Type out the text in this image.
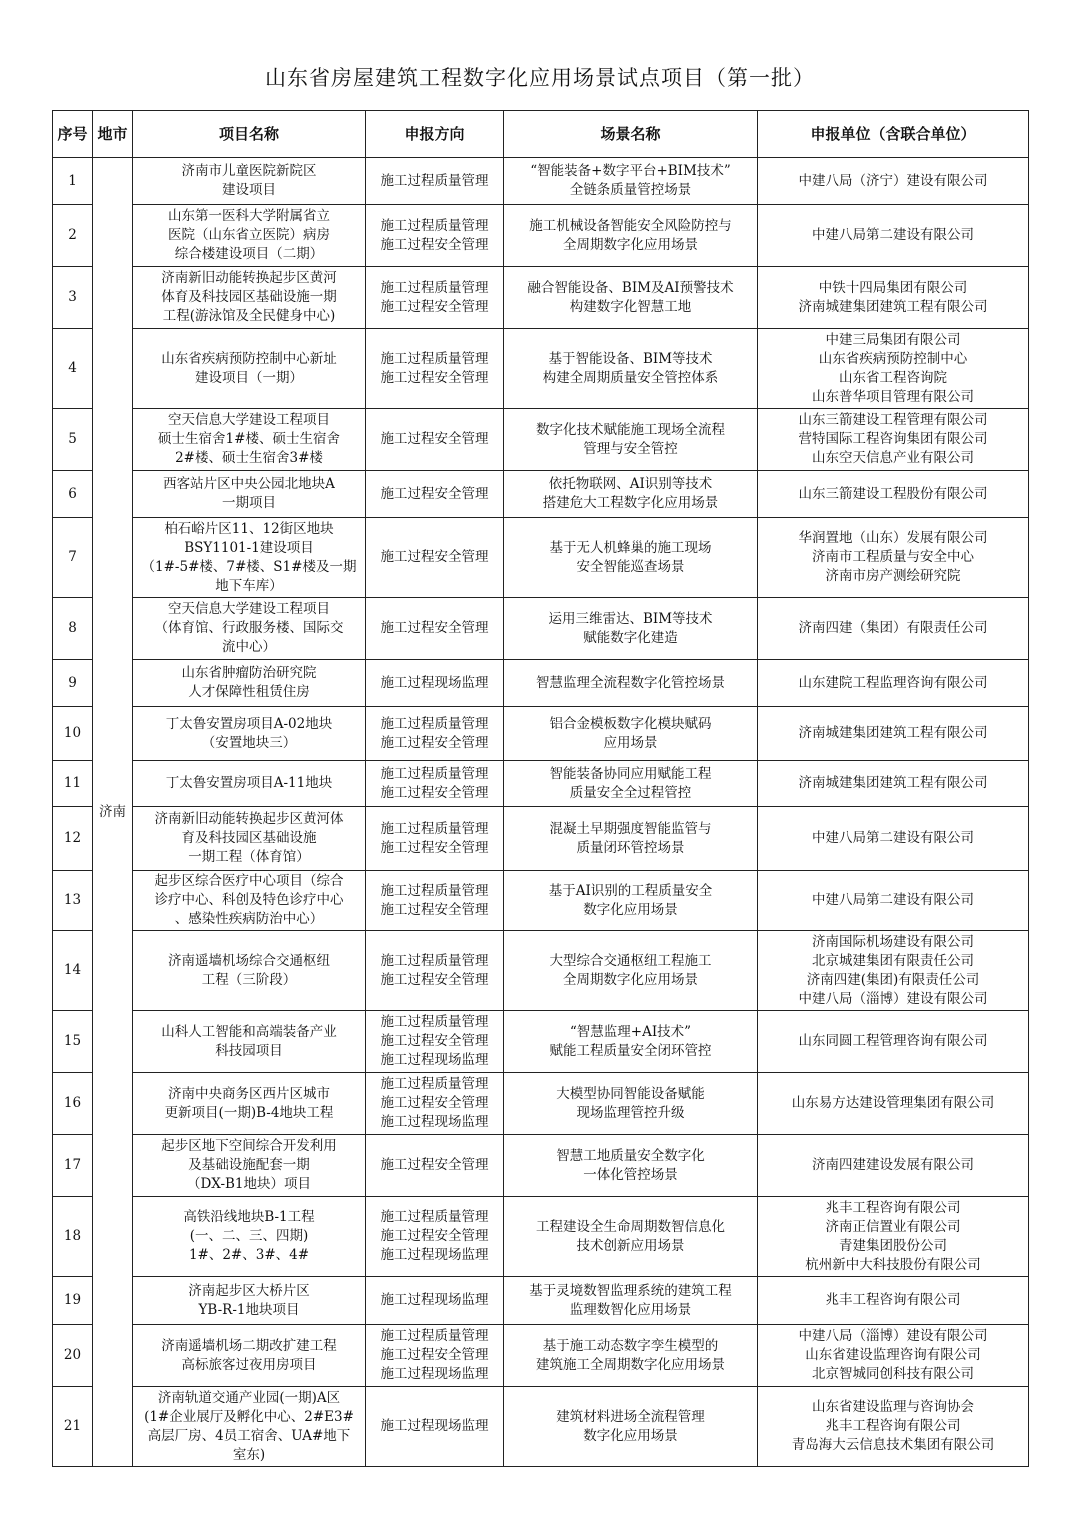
山东省房屋建筑工程数字化应用场景试点项目（第一批）
序号	地市	项目名称	申报方向	场景名称	申报单位（含联合单位）
1	济南	济南市儿童医院新院区
建设项目	施工过程质量管理	“智能装备+数字平台+BIM技术”
全链条质量管控场景	中建八局（济宁）建设有限公司
2		山东第一医科大学附属省立
医院（山东省立医院）病房
综合楼建设项目（二期）	施工过程质量管理
施工过程安全管理	施工机械设备智能安全风险防控与
全周期数字化应用场景	中建八局第二建设有限公司
3		济南新旧动能转换起步区黄河
体育及科技园区基础设施一期
工程(游泳馆及全民健身中心)	施工过程质量管理
施工过程安全管理	融合智能设备、BIM及AI预警技术
构建数字化智慧工地	中铁十四局集团有限公司
济南城建集团建筑工程有限公司
4		山东省疾病预防控制中心新址
建设项目（一期）	施工过程质量管理
施工过程安全管理	基于智能设备、BIM等技术
构建全周期质量安全管控体系	中建三局集团有限公司
山东省疾病预防控制中心
山东省工程咨询院
山东普华项目管理有限公司
5		空天信息大学建设工程项目
硕士生宿舍1#楼、硕士生宿舍
2#楼、硕士生宿舍3#楼	施工过程安全管理	数字化技术赋能施工现场全流程
管理与安全管控	山东三箭建设工程管理有限公司
营特国际工程咨询集团有限公司
山东空天信息产业有限公司
6		西客站片区中央公园北地块A
一期项目	施工过程安全管理	依托物联网、AI识别等技术
搭建危大工程数字化应用场景	山东三箭建设工程股份有限公司
7		柏石峪片区11、12街区地块
BSY1101-1建设项目
（1#-5#楼、7#楼、S1#楼及一期
地下车库）	施工过程安全管理	基于无人机蜂巢的施工现场
安全智能巡查场景	华润置地（山东）发展有限公司
济南市工程质量与安全中心
济南市房产测绘研究院
8		空天信息大学建设工程项目
（体育馆、行政服务楼、国际交
流中心）	施工过程安全管理	运用三维雷达、BIM等技术
赋能数字化建造	济南四建（集团）有限责任公司
9		山东省肿瘤防治研究院
人才保障性租赁住房	施工过程现场监理	智慧监理全流程数字化管控场景	山东建院工程监理咨询有限公司
10		丁太鲁安置房项目A-02地块
（安置地块三）	施工过程质量管理
施工过程安全管理	铝合金模板数字化模块赋码
应用场景	济南城建集团建筑工程有限公司
11		丁太鲁安置房项目A-11地块	施工过程质量管理
施工过程安全管理	智能装备协同应用赋能工程
质量安全全过程管控	济南城建集团建筑工程有限公司
12		济南新旧动能转换起步区黄河体
育及科技园区基础设施
一期工程（体育馆）	施工过程质量管理
施工过程安全管理	混凝土早期强度智能监管与
质量闭环管控场景	中建八局第二建设有限公司
13		起步区综合医疗中心项目（综合
诊疗中心、科创及特色诊疗中心
、感染性疾病防治中心）	施工过程质量管理
施工过程安全管理	基于AI识别的工程质量安全
数字化应用场景	中建八局第二建设有限公司
14		济南遥墙机场综合交通枢纽
工程（三阶段）	施工过程质量管理
施工过程安全管理	大型综合交通枢纽工程施工
全周期数字化应用场景	济南国际机场建设有限公司
北京城建集团有限责任公司
济南四建(集团)有限责任公司
中建八局（淄博）建设有限公司
15		山科人工智能和高端装备产业
科技园项目	施工过程质量管理
施工过程安全管理
施工过程现场监理	“智慧监理+AI技术”
赋能工程质量安全闭环管控	山东同圆工程管理咨询有限公司
16		济南中央商务区西片区城市
更新项目(一期)B-4地块工程	施工过程质量管理
施工过程安全管理
施工过程现场监理	大模型协同智能设备赋能
现场监理管控升级	山东易方达建设管理集团有限公司
17		起步区地下空间综合开发利用
及基础设施配套一期
（DX-B1地块）项目	施工过程安全管理	智慧工地质量安全数字化
一体化管控场景	济南四建建设发展有限公司
18		高铁沿线地块B-1工程
(一、二、三、四期)
1#、2#、3#、4#	施工过程质量管理
施工过程安全管理
施工过程现场监理	工程建设全生命周期数智信息化
技术创新应用场景	兆丰工程咨询有限公司
济南正信置业有限公司
青建集团股份公司
杭州新中大科技股份有限公司
19		济南起步区大桥片区
YB-R-1地块项目	施工过程现场监理	基于灵境数智监理系统的建筑工程
监理数智化应用场景	兆丰工程咨询有限公司
20		济南遥墙机场二期改扩建工程
高标旅客过夜用房项目	施工过程质量管理
施工过程安全管理
施工过程现场监理	基于施工动态数字孪生模型的
建筑施工全周期数字化应用场景	中建八局（淄博）建设有限公司
山东省建设监理咨询有限公司
北京智城同创科技有限公司
21		济南轨道交通产业园(一期)A区
(1#企业展厅及孵化中心、2#E3#
高层厂房、4员工宿舍、UA#地下
室东)	施工过程现场监理	建筑材料进场全流程管理
数字化应用场景	山东省建设监理与咨询协会
兆丰工程咨询有限公司
青岛海大云信息技术集团有限公司
